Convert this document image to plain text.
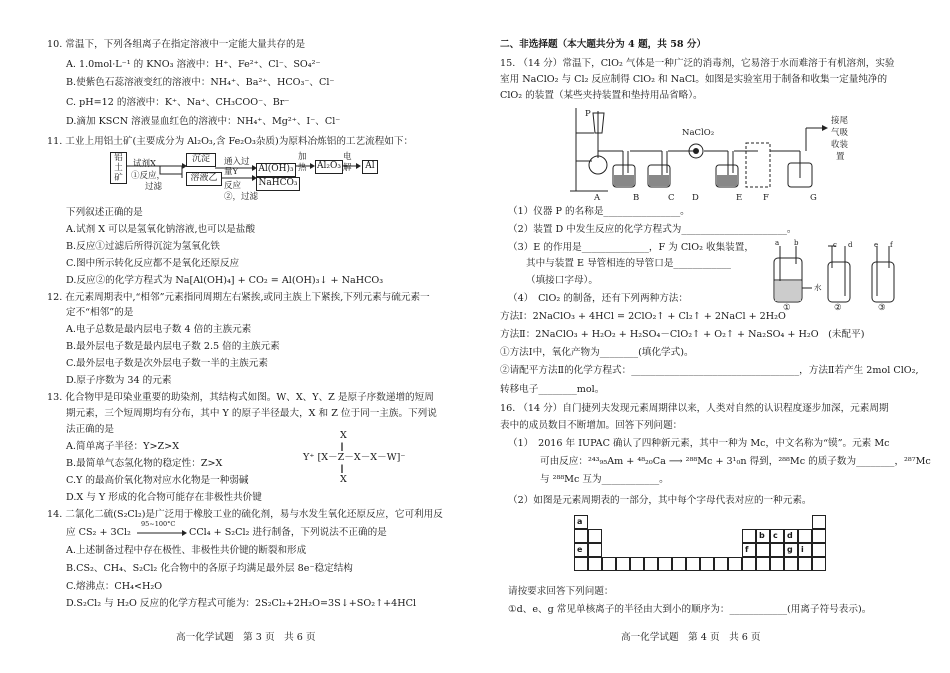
10. 常温下，下列各组离子在指定溶液中一定能大量共存的是
A. 1.0mol·L⁻¹ 的 KNO₃ 溶液中：H⁺、Fe²⁺、Cl⁻、SO₄²⁻
B.使紫色石蕊溶液变红的溶液中：NH₄⁺、Ba²⁺、HCO₃⁻、Cl⁻
C. pH=12 的溶液中：K⁺、Na⁺、CH₃COO⁻、Br⁻
D.滴加 KSCN 溶液显血红色的溶液中：NH₄⁺、Mg²⁺、I⁻、Cl⁻
11. 工业上用铝土矿(主要成分为 Al₂O₃,含 Fe₂O₃杂质)为原料冶炼铝的工艺流程如下：
铝土
矿
试剂X
①反应，
过滤
沉淀
溶液乙
通入过
量Y
反应
②，过滤
Al(OH)₃
NaHCO₃
加
热 Al₂O₃
电
解	Al
下列叙述正确的是
A.试剂 X 可以是氢氧化钠溶液,也可以是盐酸
B.反应①过滤后所得沉淀为氢氧化铁
C.图中所示转化反应都不是氧化还原反应
D.反应②的化学方程式为 Na[Al(OH)₄] + CO₂ = Al(OH)₃↓ + NaHCO₃
12. 在元素周期表中,“相邻”元素指同周期左右紧挨,或同主族上下紧挨,下列元素与硫元素一
定不“相邻”的是
A.电子总数是最内层电子数 4 倍的主族元素
B.最外层电子数是最内层电子数 2.5 倍的主族元素
C.最外层电子数是次外层电子数一半的主族元素
D.原子序数为 34 的元素
13. 化合物甲是印染业重要的助染剂，其结构式如图。W、X、Y、Z 是原子序数递增的短周
期元素，三个短周期均有分布，其中 Y 的原子半径最大，X 和 Z 位于同一主族。下列说
法正确的是
A.简单离子半径：Y>Z>X
B.最简单气态氢化物的稳定性：Z>X
C.Y 的最高价氧化物对应水化物是一种弱碱
D.X 与 Y 形成的化合物可能存在非极性共价键
X
‖
Y⁺ [X－Z－X－X－W]⁻
‖
X
14. 二氯化二硫(S₂Cl₂)是广泛用于橡胶工业的硫化剂，易与水发生氧化还原反应，它可利用反
应 CS₂ + 3Cl₂
95~100°C
CCl₄ + S₂Cl₂ 进行制备，下列说法不正确的是
A.上述制备过程中存在极性、非极性共价键的断裂和形成
B.CS₂、CH₄、S₂Cl₂ 化合物中的各原子均满足最外层 8e⁻稳定结构
C.熔沸点：CH₄<H₂O
D.S₂Cl₂ 与 H₂O 反应的化学方程式可能为：2S₂Cl₂+2H₂O=3S↓+SO₂↑+4HCl
高一化学试题　第 3 页　共 6 页
二、非选择题（本大题共分为 4 题，共 58 分）
15. （14 分）常温下，ClO₂ 气体是一种广泛的消毒剂，它易溶于水而难溶于有机溶剂，实验
室用 NaClO₂ 与 Cl₂ 反应制得 ClO₂ 和 NaCl。如图是实验室用于制备和收集一定量纯净的
ClO₂ 的装置（某些夹持装置和垫持用品省略）。
P
NaClO₂
接尾
气吸
收装
置
A	B	C D	E F	G
（1）仪器 P 的名称是________________。
（2）装置 D 中发生反应的化学方程式为______________________。
（3）E 的作用是______________，F 为 ClO₂ 收集装置，
其中与装置 E 导管相连的导管口是____________
（填接口字母）。
a b	c d	e f
水
①	②	③
（4）　ClO₂ 的制备，还有下列两种方法：
方法Ⅰ：2NaClO₃ + 4HCl = 2ClO₂↑ + Cl₂↑ + 2NaCl + 2H₂O
方法Ⅱ：2NaClO₃ + H₂O₂ + H₂SO₄－ClO₂↑ + O₂↑ + Na₂SO₄ + H₂O　(未配平)
①方法Ⅰ中，氧化产物为________(填化学式)。
②请配平方法Ⅱ的化学方程式：___________________________________，方法Ⅱ若产生 2mol ClO₂,
转移电子________mol。
16. （14 分）自门捷列夫发现元素周期律以来，人类对自然的认识程度逐步加深，元素周期
表中的成员数目不断增加。回答下列问题：
（1）　2016 年 IUPAC 确认了四种新元素，其中一种为 Mc，中文名称为“镆”。元素 Mc
可由反应：²⁴³₉₅Am + ⁴⁸₂₀Ca ⟶ ²⁸⁸Mc + 3¹₀n 得到，²⁸⁸Mc 的质子数为________，²⁸⁷Mc
与 ²⁸⁸Mc 互为____________。
（2）如图是元素周期表的一部分，其中每个字母代表对应的一种元素。
a
e
b	c	d
f	g	i
请按要求回答下列问题：
①d、e、g 常见单核离子的半径由大到小的顺序为：____________(用离子符号表示)。
高一化学试题　第 4 页　共 6 页
